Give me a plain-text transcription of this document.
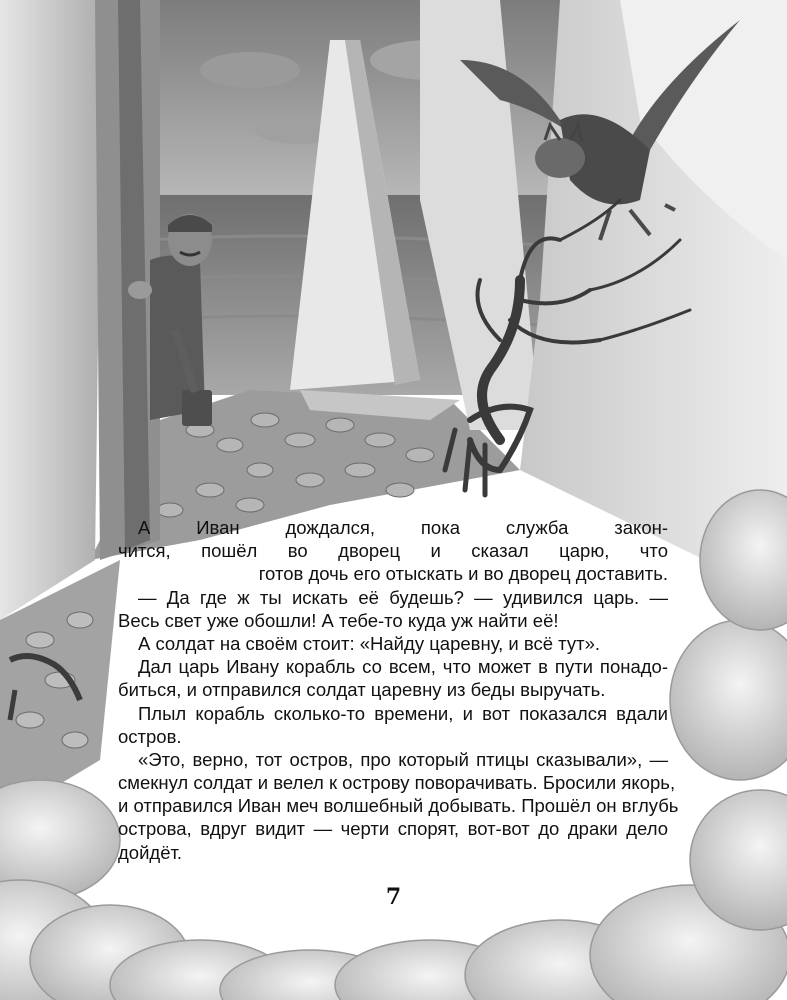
А Иван дождался, пока служба закон-
чится, пошёл во дворец и сказал царю, что
готов дочь его отыскать и во дворец доставить.
— Да где ж ты искать её будешь? — удивился царь. —
Весь свет уже обошли! А тебе-то куда уж найти её!
А солдат на своём стоит: «Найду царевну, и всё тут».
Дал царь Ивану корабль со всем, что может в пути понадо-
биться, и отправился солдат царевну из беды выручать.
Плыл корабль сколько-то времени, и вот показался вдали
остров.
«Это, верно, тот остров, про который птицы сказывали», —
смекнул солдат и велел к острову поворачивать. Бросили якорь,
и отправился Иван меч волшебный добывать. Прошёл он вглубь
острова, вдруг видит — черти спорят, вот-вот до драки дело
дойдёт.
7
